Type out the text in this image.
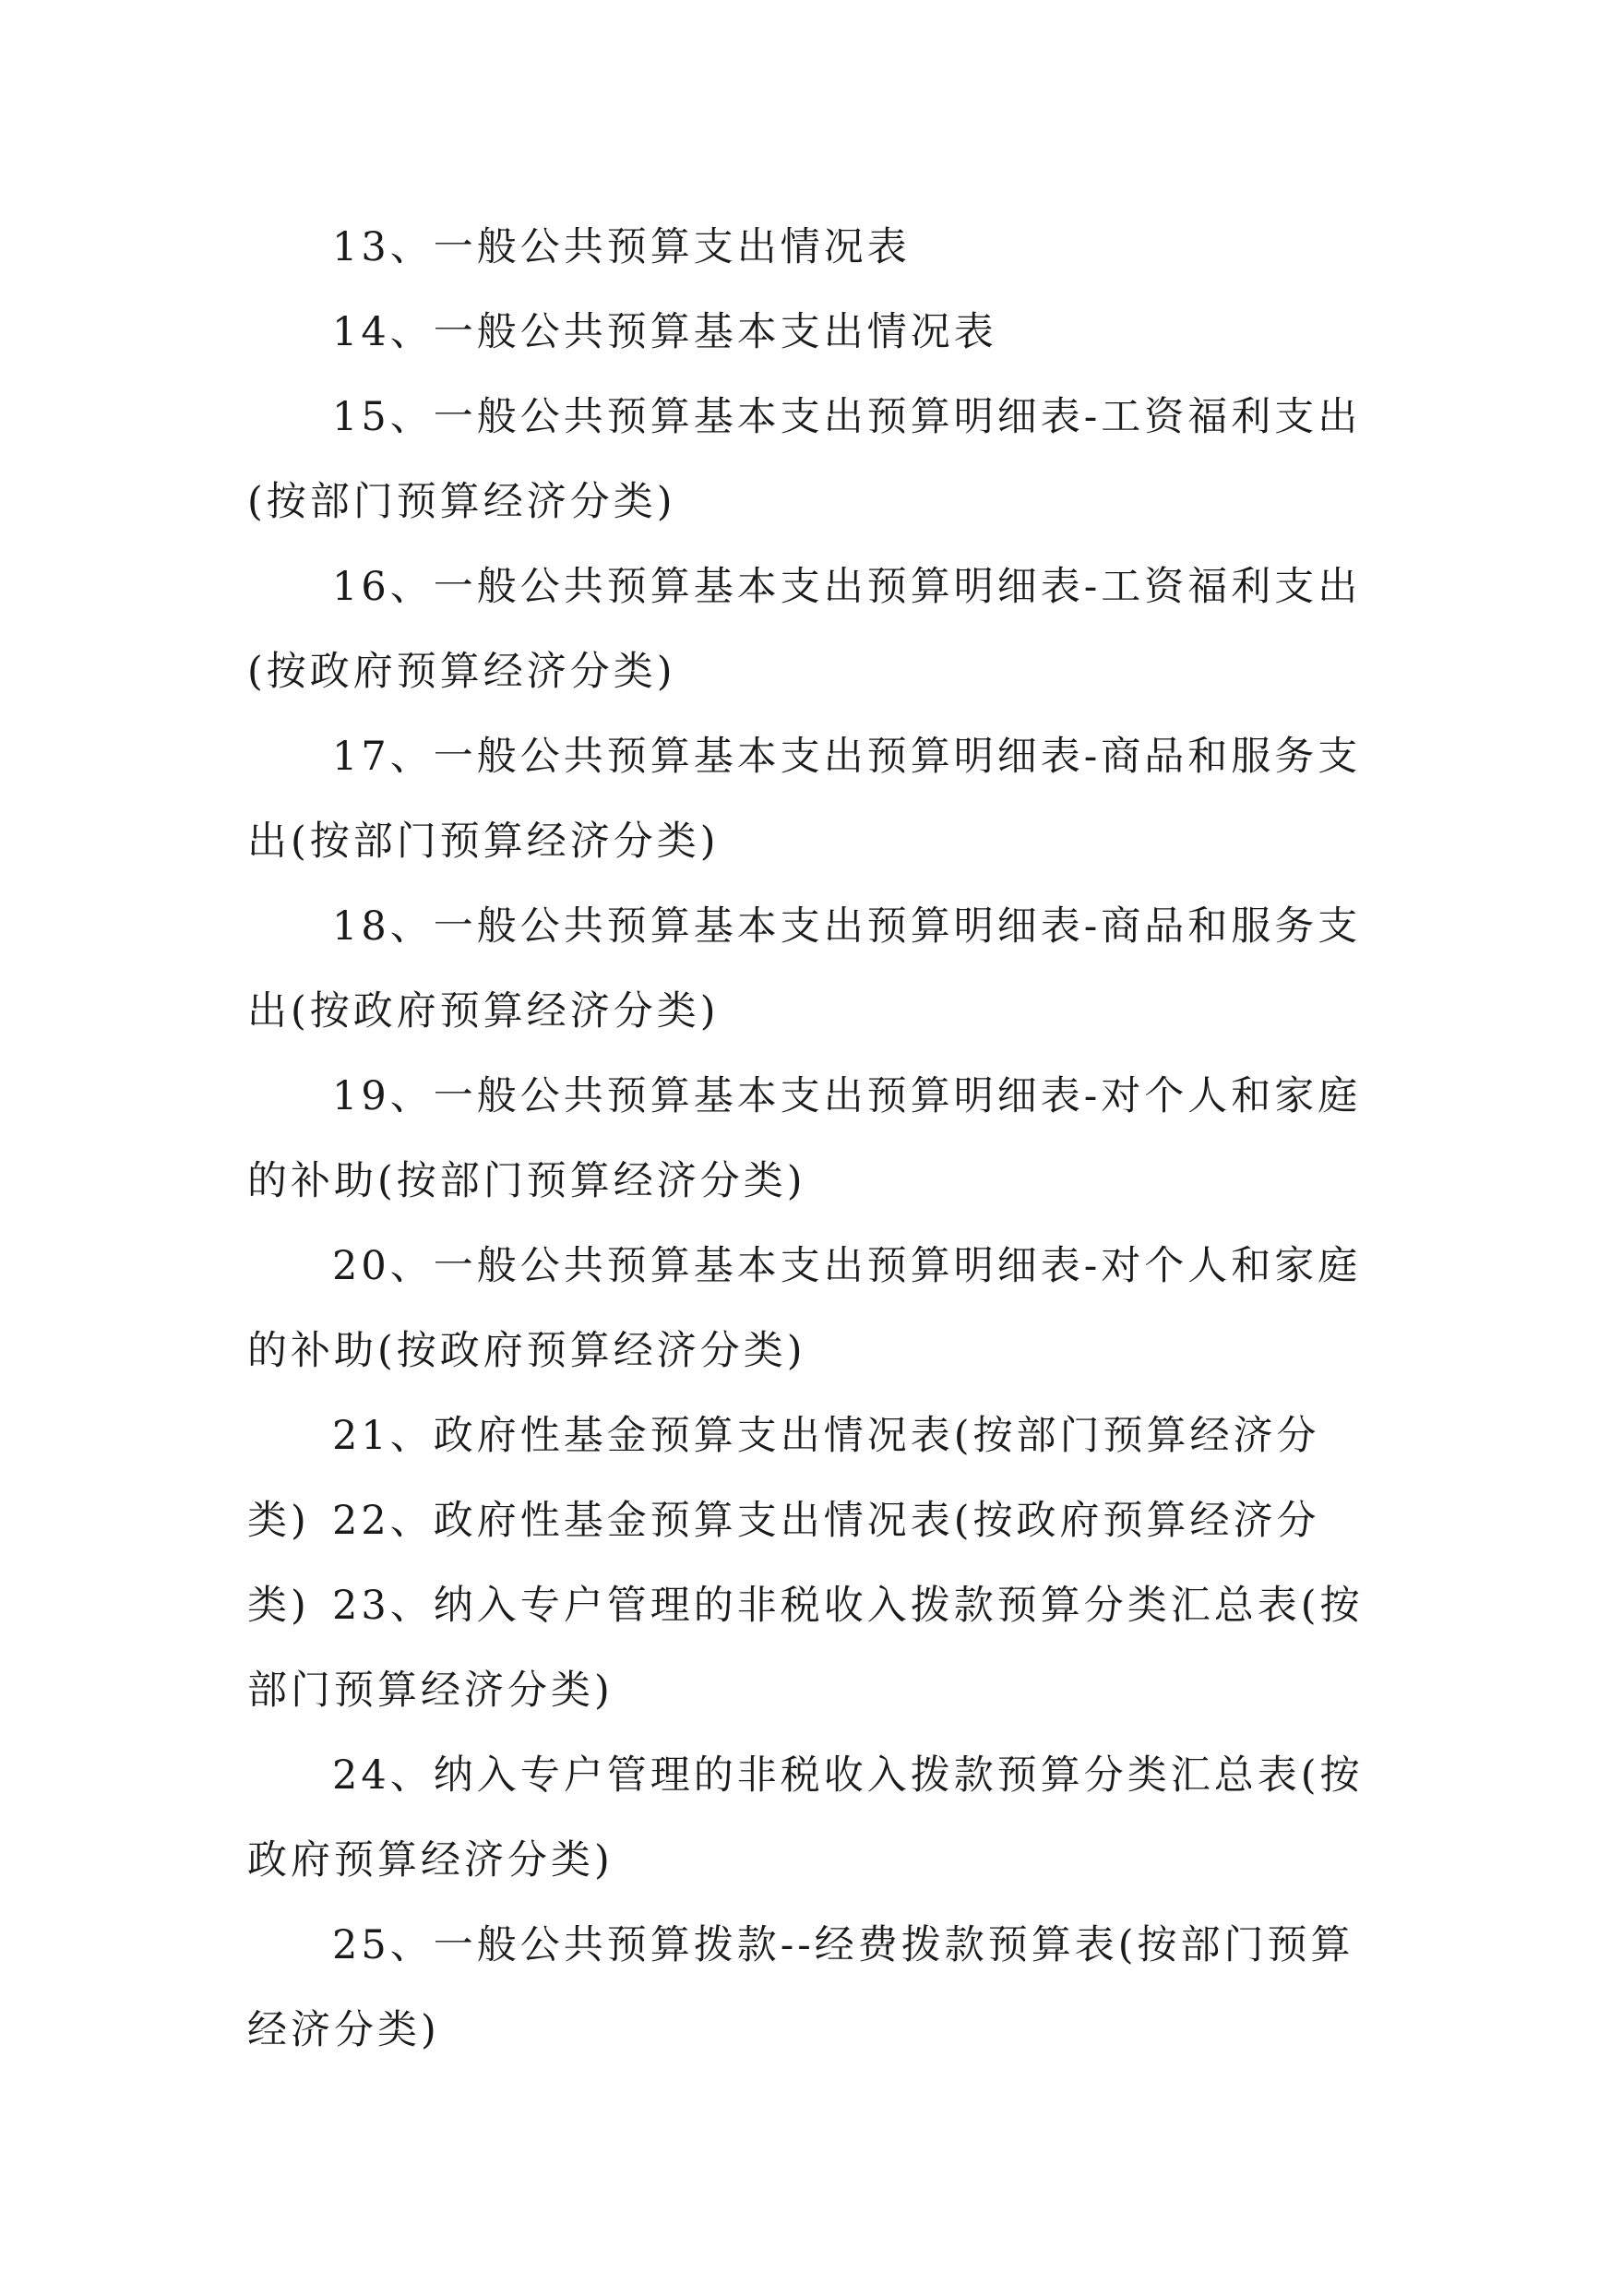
13、一般公共预算支出情况表

14、一般公共预算基本支出情况表

15、一般公共预算基本支出预算明细表-工资福利支出(按部门预算经济分类)

16、一般公共预算基本支出预算明细表-工资福利支出(按政府预算经济分类)

17、一般公共预算基本支出预算明细表-商品和服务支出(按部门预算经济分类)

18、一般公共预算基本支出预算明细表-商品和服务支出(按政府预算经济分类)

19、一般公共预算基本支出预算明细表-对个人和家庭的补助(按部门预算经济分类)

20、一般公共预算基本支出预算明细表-对个人和家庭的补助(按政府预算经济分类)

21、政府性基金预算支出情况表(按部门预算经济分类) 22、政府性基金预算支出情况表(按政府预算经济分类) 23、纳入专户管理的非税收入拨款预算分类汇总表(按部门预算经济分类)

24、纳入专户管理的非税收入拨款预算分类汇总表(按政府预算经济分类)

25、一般公共预算拨款--经费拨款预算表(按部门预算经济分类)
